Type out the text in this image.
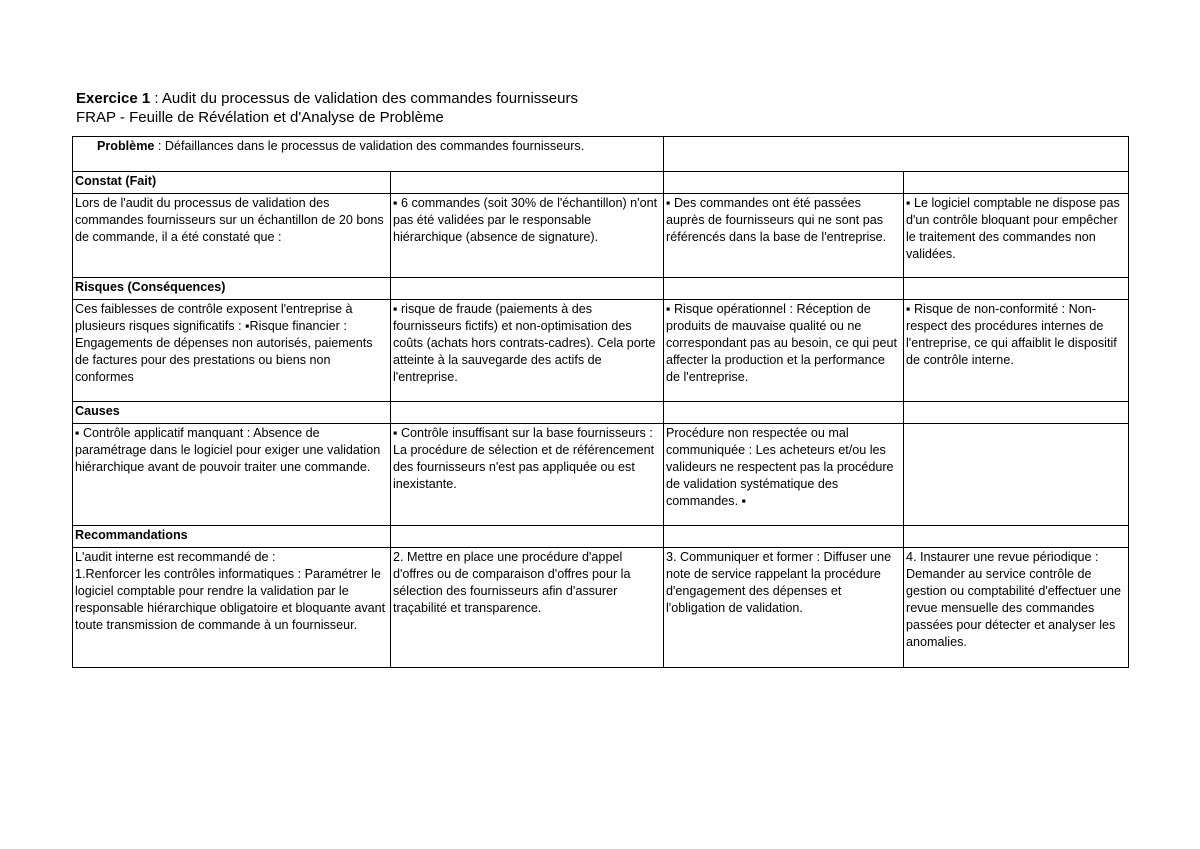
Exercice 1 : Audit du processus de validation des commandes fournisseurs
FRAP - Feuille de Révélation et d'Analyse de Problème
Problème : Défaillances dans le processus de validation des commandes fournisseurs.			
Constat (Fait)			
Lors de l'audit du processus de validation des commandes fournisseurs sur un échantillon de 20 bons de commande, il a été constaté que :	▪ 6 commandes (soit 30% de l'échantillon) n'ont pas été validées par le responsable hiérarchique (absence de signature).	▪ Des commandes ont été passées auprès de fournisseurs qui ne sont pas référencés dans la base de l'entreprise.	▪ Le logiciel comptable ne dispose pas d'un contrôle bloquant pour empêcher le traitement des commandes non validées.
Risques (Conséquences)			
Ces faiblesses de contrôle exposent l'entreprise à plusieurs risques significatifs : ▪Risque financier : Engagements de dépenses non autorisés, paiements de factures pour des prestations ou biens non conformes	▪ risque de fraude (paiements à des fournisseurs fictifs) et non-optimisation des coûts (achats hors contrats-cadres). Cela porte atteinte à la sauvegarde des actifs de l'entreprise.	▪ Risque opérationnel : Réception de produits de mauvaise qualité ou ne correspondant pas au besoin, ce qui peut affecter la production et la performance de l'entreprise.	▪ Risque de non-conformité : Non-respect des procédures internes de l'entreprise, ce qui affaiblit le dispositif de contrôle interne.
Causes			
▪ Contrôle applicatif manquant : Absence de paramétrage dans le logiciel pour exiger une validation hiérarchique avant de pouvoir traiter une commande.	▪ Contrôle insuffisant sur la base fournisseurs : La procédure de sélection et de référencement des fournisseurs n'est pas appliquée ou est inexistante.	Procédure non respectée ou mal communiquée : Les acheteurs et/ou les valideurs ne respectent pas la procédure de validation systématique des commandes. ▪	
Recommandations			
L'audit interne est recommandé de :
1.Renforcer les contrôles informatiques : Paramétrer le logiciel comptable pour rendre la validation par le responsable hiérarchique obligatoire et bloquante avant toute transmission de commande à un fournisseur.	2. Mettre en place une procédure d'appel d'offres ou de comparaison d'offres pour la sélection des fournisseurs afin d'assurer traçabilité et transparence.	3. Communiquer et former : Diffuser une note de service rappelant la procédure d'engagement des dépenses et l'obligation de validation.	4. Instaurer une revue périodique : Demander au service contrôle de gestion ou comptabilité d'effectuer une revue mensuelle des commandes passées pour détecter et analyser les anomalies.
